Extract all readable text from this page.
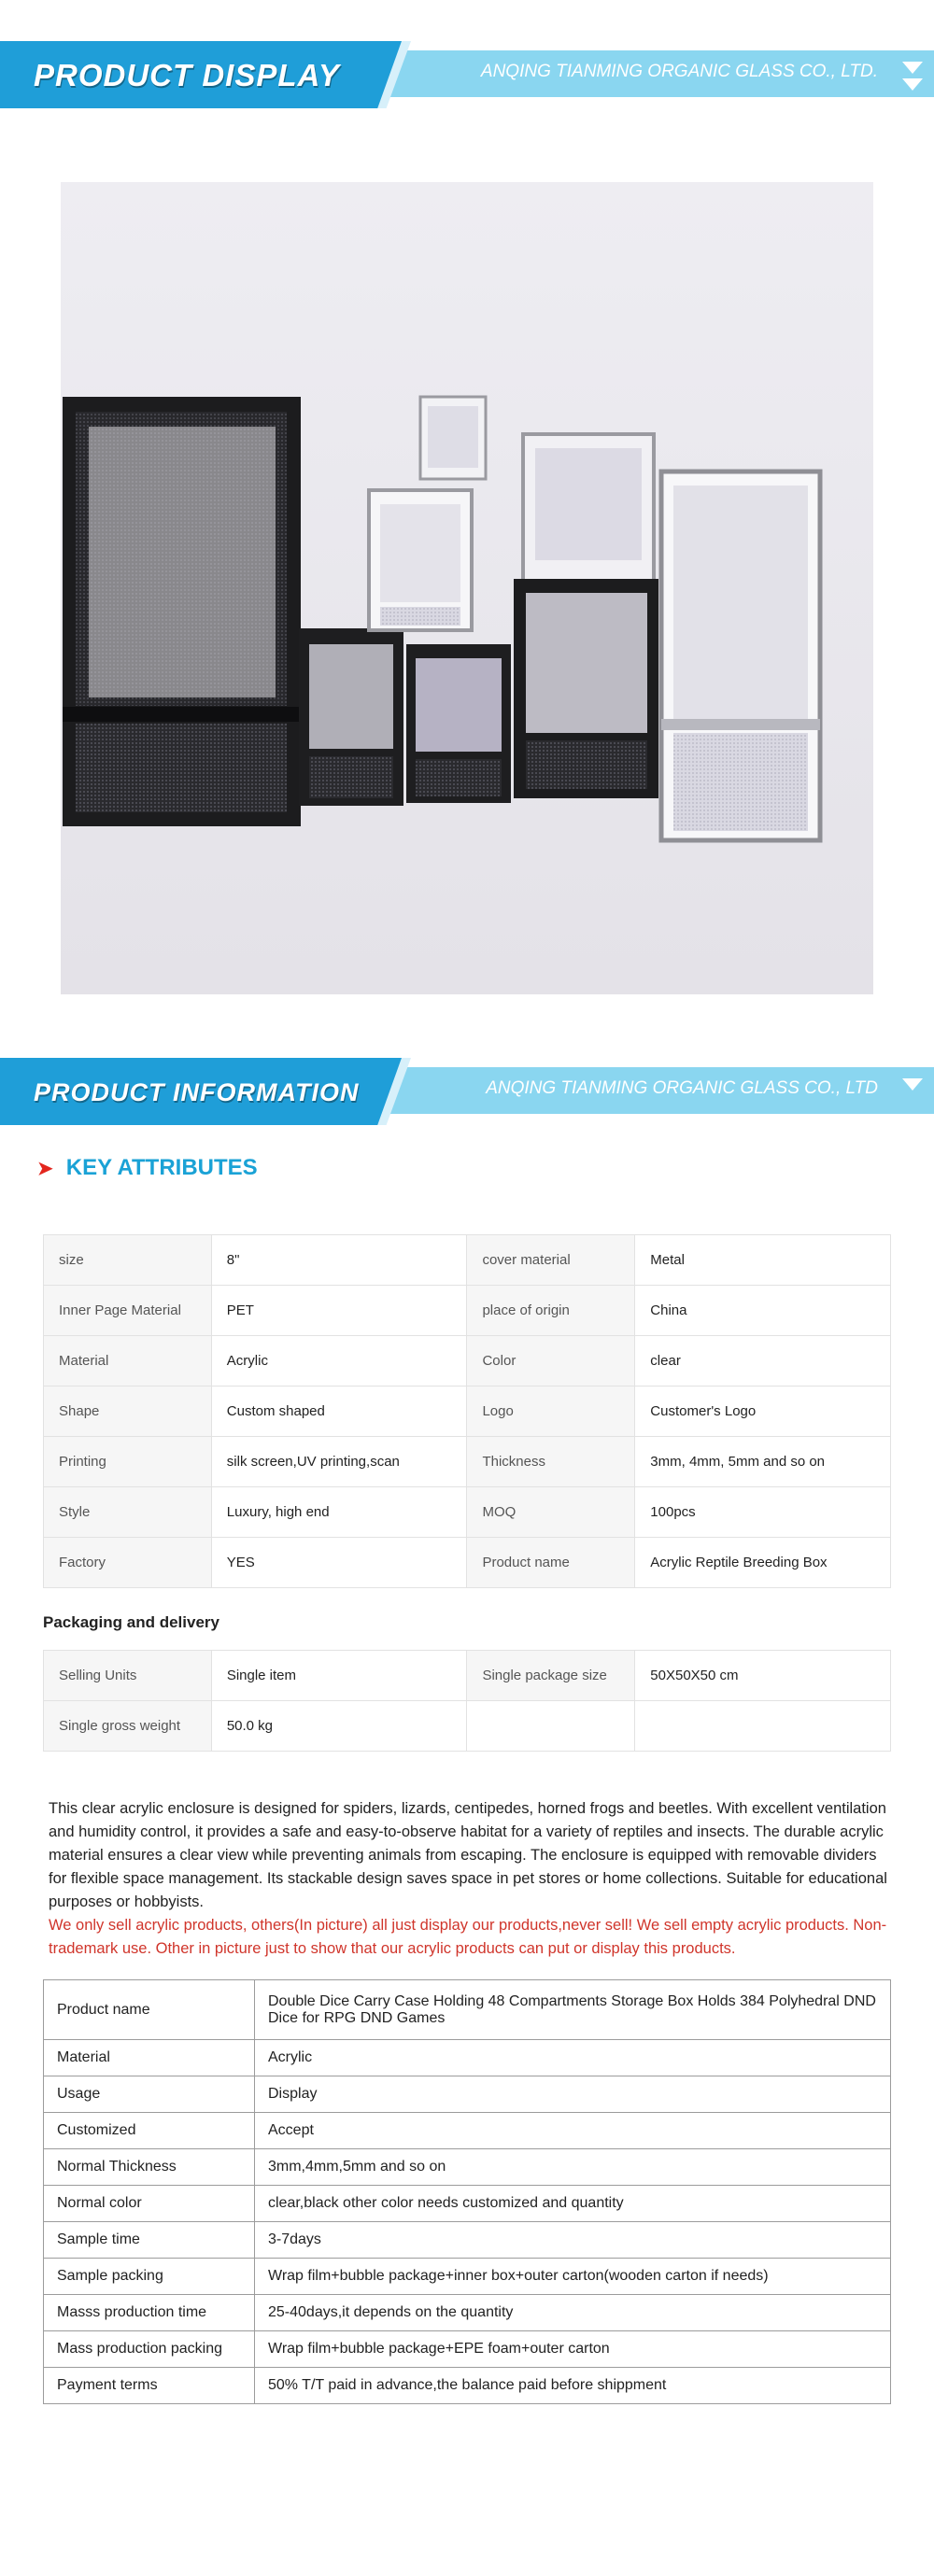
PRODUCT DISPLAY	ANQING TIANMING ORGANIC GLASS CO., LTD.
PRODUCT INFORMATION	ANQING TIANMING ORGANIC GLASS CO., LTD
➤ KEY ATTRIBUTES
size	8"	cover material	Metal
Inner Page Material	PET	place of origin	China
Material	Acrylic	Color	clear
Shape	Custom shaped	Logo	Customer's Logo
Printing	silk screen,UV printing,scan	Thickness	3mm, 4mm, 5mm and so on
Style	Luxury, high end	MOQ	100pcs
Factory	YES	Product name	Acrylic Reptile Breeding Box
Packaging and delivery
Selling Units	Single item	Single package size	50X50X50 cm
Single gross weight	50.0 kg		
This clear acrylic enclosure is designed for spiders, lizards, centipedes, horned frogs and beetles. With excellent ventilation and humidity control, it provides a safe and easy-to-observe habitat for a variety of reptiles and insects. The durable acrylic material ensures a clear view while preventing animals from escaping. The enclosure is equipped with removable dividers for flexible space management. Its stackable design saves space in pet stores or home collections. Suitable for educational purposes or hobbyists.
We only sell acrylic products, others(In picture) all just display our products,never sell! We sell empty acrylic products. Non-trademark use. Other in picture just to show that our acrylic products can put or display this products.
Product name	Double Dice Carry Case Holding 48 Compartments Storage Box Holds 384 Polyhedral DND Dice for RPG DND Games
Material	Acrylic
Usage	Display
Customized	Accept
Normal Thickness	3mm,4mm,5mm and so on
Normal color	clear,black other color needs customized and quantity
Sample time	3-7days
Sample packing	Wrap film+bubble package+inner box+outer carton(wooden carton if needs)
Masss production time	25-40days,it depends on the quantity
Mass production packing	Wrap film+bubble package+EPE foam+outer carton
Payment terms	50% T/T paid in advance,the balance paid before shippment
